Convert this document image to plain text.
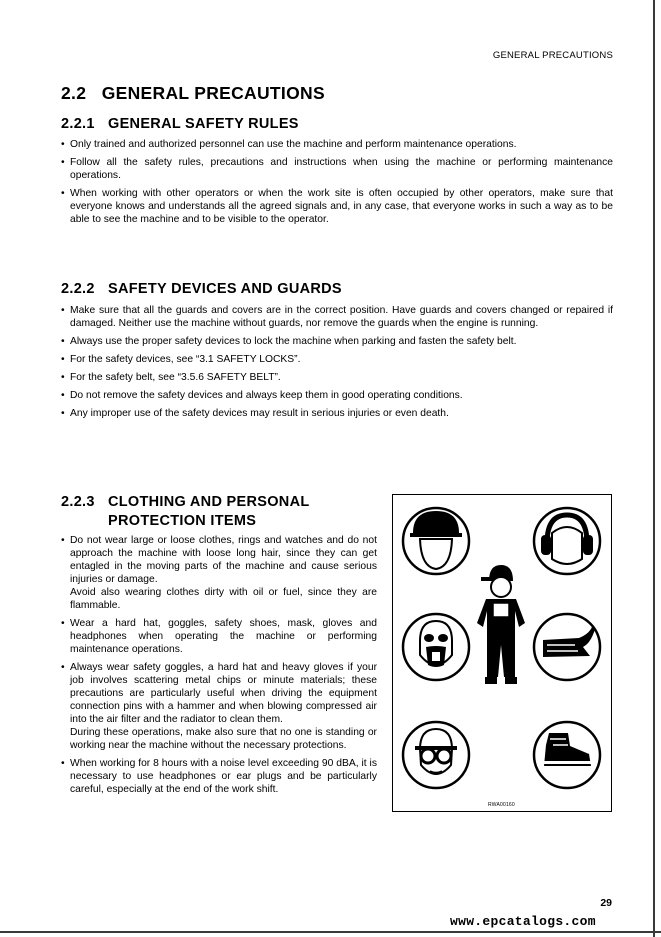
GENERAL PRECAUTIONS
2.2 GENERAL PRECAUTIONS
2.2.1 GENERAL SAFETY RULES
• Only trained and authorized personnel can use the machine and perform maintenance operations.
• Follow all the safety rules, precautions and instructions when using the machine or performing maintenance operations.
• When working with other operators or when the work site is often occupied by other operators, make sure that everyone knows and understands all the agreed signals and, in any case, that everyone works in such a way as to be able to see the machine and to be visible to the operator.
2.2.2 SAFETY DEVICES AND GUARDS
• Make sure that all the guards and covers are in the correct position. Have guards and covers changed or repaired if damaged. Neither use the machine without guards, nor remove the guards when the engine is running.
• Always use the proper safety devices to lock the machine when parking and fasten the safety belt.
• For the safety devices, see “3.1 SAFETY LOCKS”.
• For the safety belt, see “3.5.6 SAFETY BELT”.
• Do not remove the safety devices and always keep them in good operating conditions.
• Any improper use of the safety devices may result in serious injuries or even death.
2.2.3 CLOTHING AND PERSONAL PROTECTION ITEMS
• Do not wear large or loose clothes, rings and watches and do not approach the machine with loose long hair, since they can get entagled in the moving parts of the machine and cause serious injuries or damage.
Avoid also wearing clothes dirty with oil or fuel, since they are flammable.
• Wear a hard hat, goggles, safety shoes, mask, gloves and headphones when operating the machine or performing maintenance operations.
• Always wear safety goggles, a hard hat and heavy gloves if your job involves scattering metal chips or minute materials; these precautions are particularly useful when driving the equipment connection pins with a hammer and when blowing compressed air into the air filter and the radiator to clean them.
During these operations, make also sure that no one is standing or working near the machine without the necessary protections.
• When working for 8 hours with a noise level exceeding 90 dBA, it is necessary to use headphones or ear plugs and be particularly careful, especially at the end of the work shift.
RWA00160
29
www.epcatalogs.com
